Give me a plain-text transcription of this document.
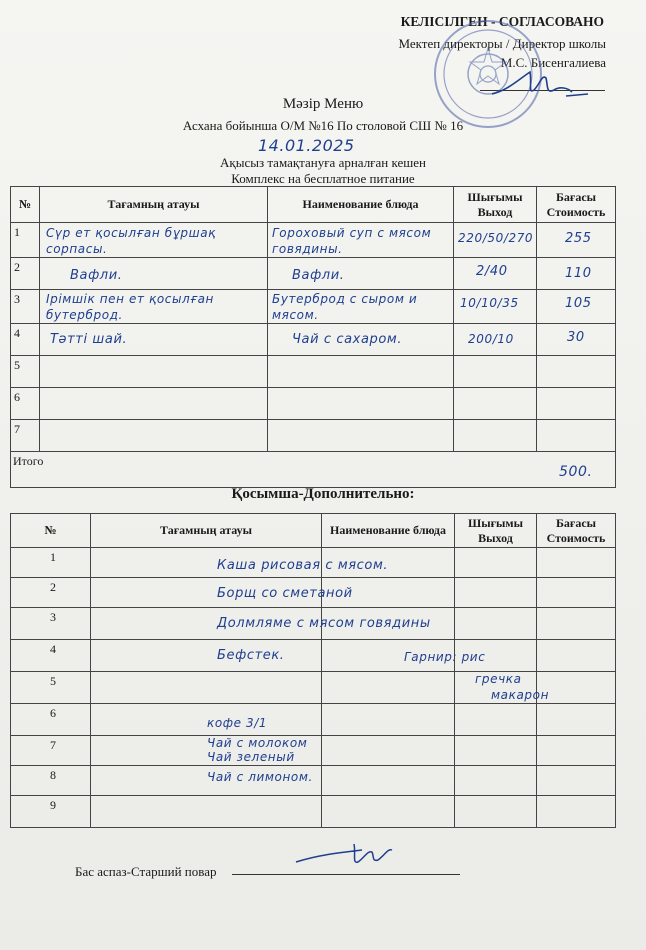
КЕЛІСІЛГЕН - СОГЛАСОВАНО
Мектеп директоры / Директор школы
М.С. Бисенгалиева
Мәзір Меню
Асхана бойынша О/М №16 По столовой СШ № 16
14.01.2025
Ақысыз тамақтануға арналған кешен
Комплекс на бесплатное питание
№	Тағамның атауы	Наименование блюда	Шығымы Выход	Бағасы Стоимость
1	Сүр ет қосылған бұршақ сорпасы.	Гороховый суп с мясом говядины.	220/50/270	255

2	Вафли.	Вафли.	2/40	110

3	Ірімшік пен ет қосылған бутерброд.	Бутерброд с сыром и мясом.	10/10/35	105

4	Тәтті шай.	Чай с сахаром.	200/10	30

5				
6				
7				

Итого
500.				
Қосымша-Дополнительно:
№	Тағамның атауы	Наименование блюда	Шығымы Выход	Бағасы Стоимость
1	Каша рисовая с мясом.			

2	Борщ со сметаной			

3	Долмляме с мясом говядины			

4	Бефстек.	Гарнир: рис		

5			гречка
макарон	

6	кофе 3/1			

7	Чай с молоком
Чай зеленый			

8	Чай с лимоном.			

9				
Бас аспаз-Старший повар
